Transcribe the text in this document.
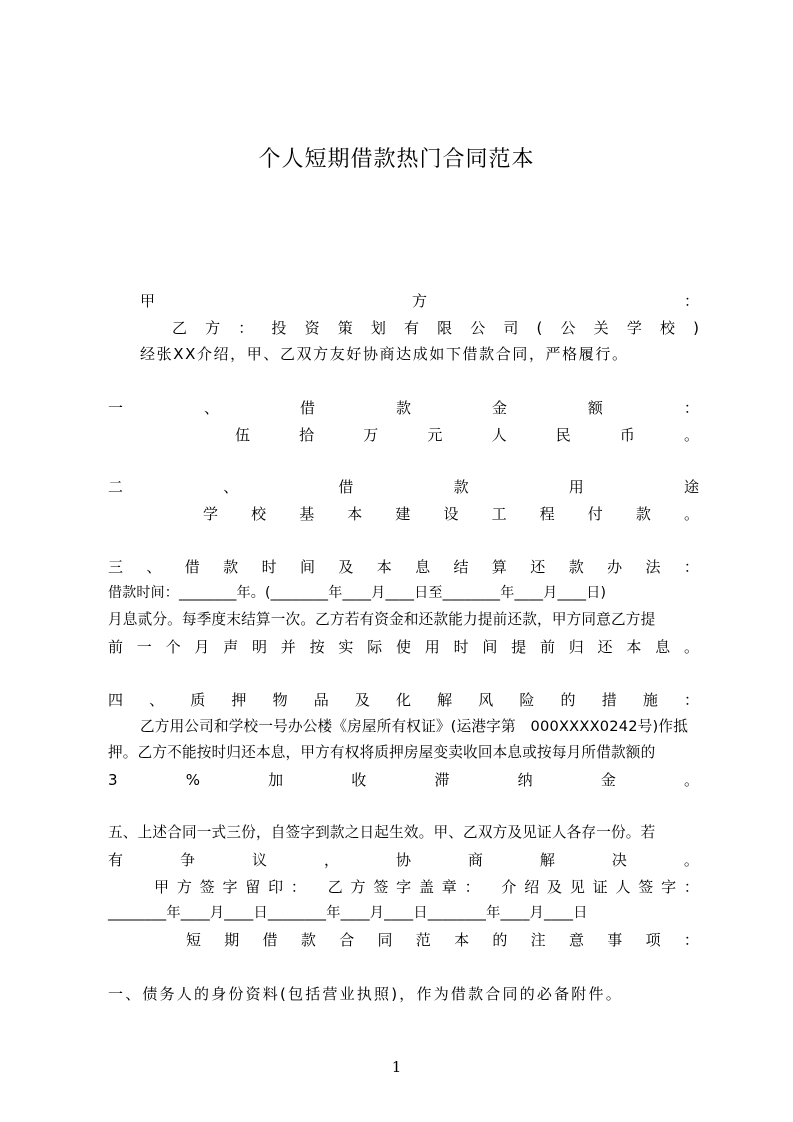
个人短期借款热门合同范本
甲	方	：
乙 方 ： 投 资 策 划 有 限 公 司 ( 公 关 学 校 )
经张XX介绍，甲、乙双方友好协商达成如下借款合同，严格履行。
一	、	借	款	金	额	：
伍	拾	万	元	人	民	币	。
二	、	借	款	用	途
学 校 基 本 建 设 工 程 付 款 。
三 、 借 款 时 间 及 本 息 结 算 还 款 办 法 ：
借款时间：________年。(________年____月____日至________年____月____日)
月息贰分。每季度末结算一次。乙方若有资金和还款能力提前还款，甲方同意乙方提
前 一 个 月 声 明 并 按 实 际 使 用 时 间 提 前 归 还 本 息 。
四 、 质 押 物 品 及 化 解 风 险 的 措 施 ：
乙方用公司和学校一号办公楼《房屋所有权证》(运港字第　000XXXX0242号)作抵
押。乙方不能按时归还本息，甲方有权将质押房屋变卖收回本息或按每月所借款额的
3	%	加	收	滞	纳	金	。
五、上述合同一式三份，自签字到款之日起生效。甲、乙双方及见证人各存一份。若
有	争	议	，	协	商	解	决	。
甲 方 签 字 留 印 ： 乙 方 签 字 盖 章 ： 介 绍 及 见 证 人 签 字 ：
________年____月____日________年____月____日________年____月____日
短 期 借 款 合 同 范 本 的 注 意 事 项 ：
一、债务人的身份资料(包括营业执照)，作为借款合同的必备附件。
1
